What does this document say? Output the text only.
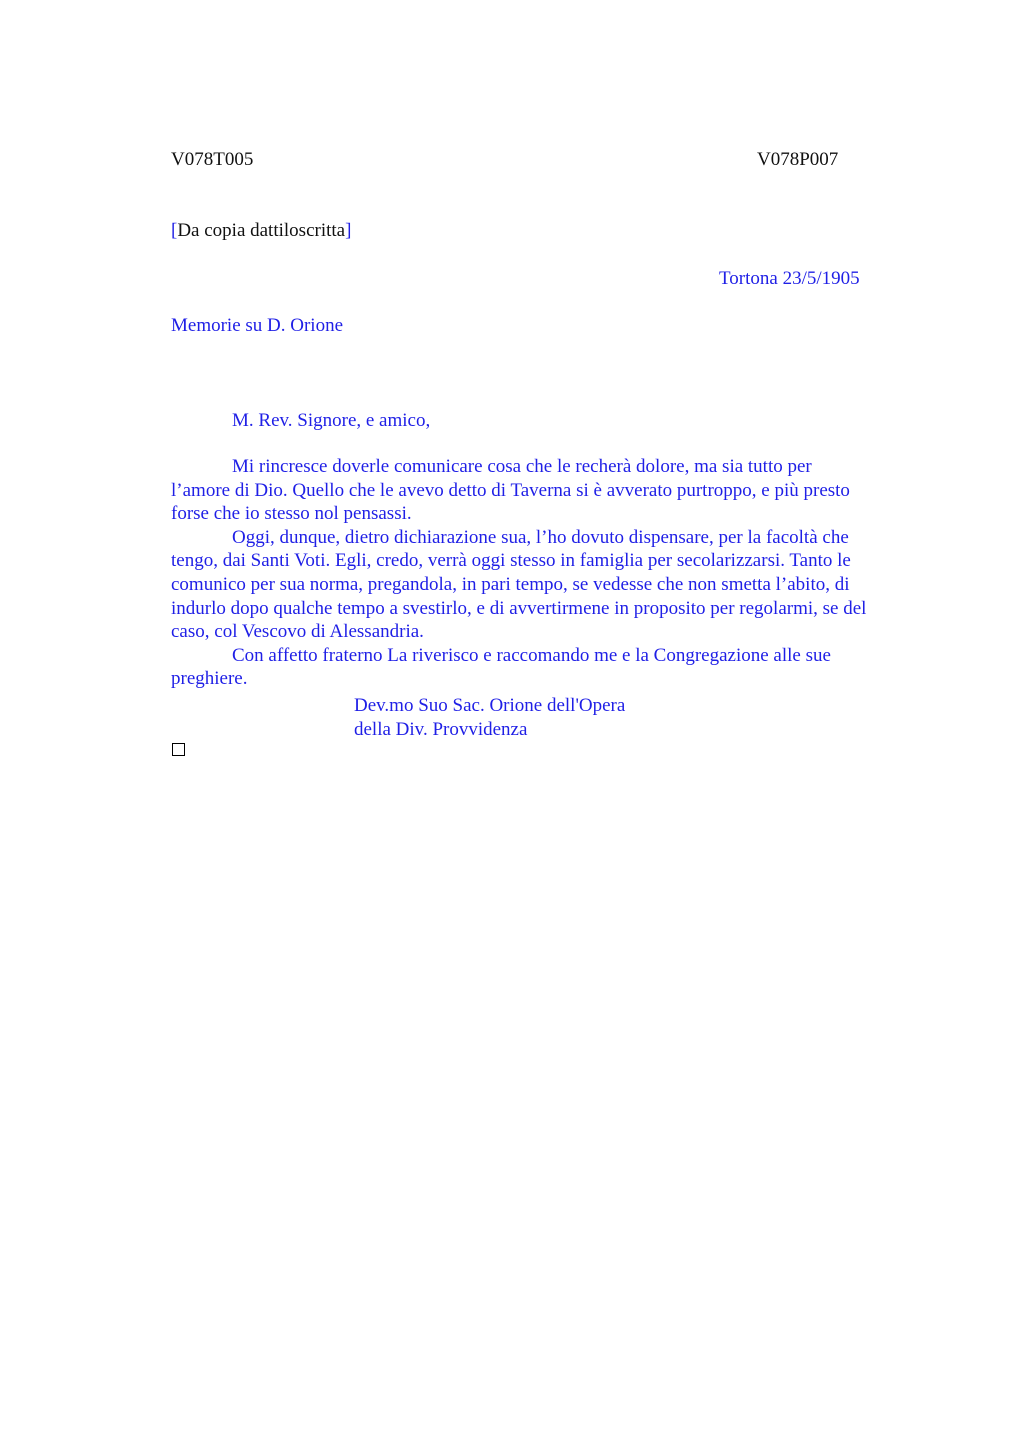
V078T005	V078P007
[Da copia dattiloscritta]
Tortona 23/5/1905
Memorie su D. Orione
M. Rev. Signore, e amico,

Mi rincresce doverle comunicare cosa che le recherà dolore, ma sia tutto per
l’amore di Dio. Quello che le avevo detto di Taverna si è avverato purtroppo, e più presto
forse che io stesso nol pensassi.

Oggi, dunque, dietro dichiarazione sua, l’ho dovuto dispensare, per la facoltà che
tengo, dai Santi Voti. Egli, credo, verrà oggi stesso in famiglia per secolarizzarsi. Tanto le
comunico per sua norma, pregandola, in pari tempo, se vedesse che non smetta l’abito, di
indurlo dopo qualche tempo a svestirlo, e di avvertirmene in proposito per regolarmi, se del
caso, col Vescovo di Alessandria.

Con affetto fraterno La riverisco e raccomando me e la Congregazione alle sue
preghiere.

Dev.mo Suo Sac. Orione dell'Opera
della Div. Provvidenza
